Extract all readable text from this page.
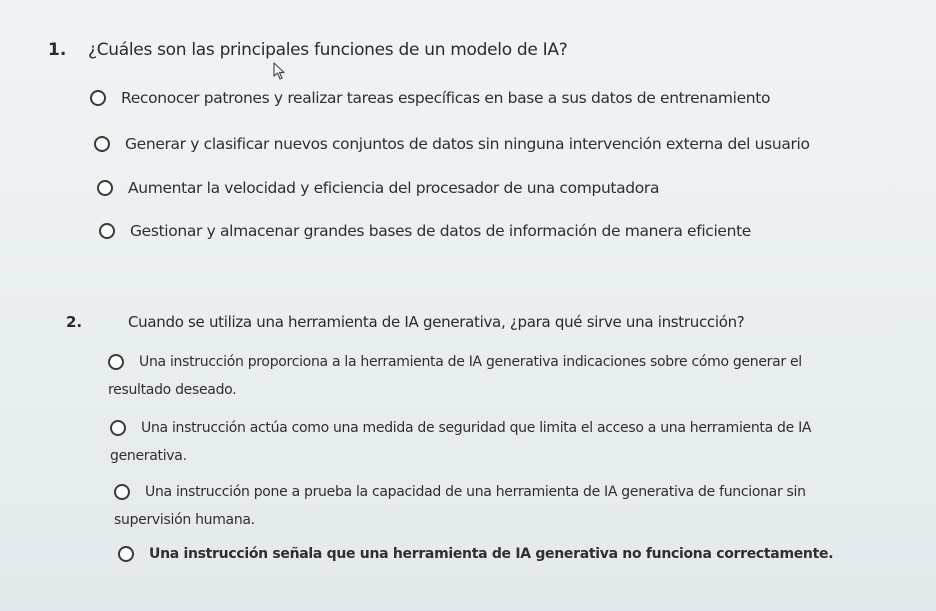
1.	¿Cuáles son las principales funciones de un modelo de IA?
Reconocer patrones y realizar tareas específicas en base a sus datos de entrenamiento
Generar y clasificar nuevos conjuntos de datos sin ninguna intervención externa del usuario
Aumentar la velocidad y eficiencia del procesador de una computadora
Gestionar y almacenar grandes bases de datos de información de manera eficiente
2.	Cuando se utiliza una herramienta de IA generativa, ¿para qué sirve una instrucción?
Una instrucción proporciona a la herramienta de IA generativa indicaciones sobre cómo generar el
resultado deseado.
Una instrucción actúa como una medida de seguridad que limita el acceso a una herramienta de IA
generativa.
Una instrucción pone a prueba la capacidad de una herramienta de IA generativa de funcionar sin
supervisión humana.
Una instrucción señala que una herramienta de IA generativa no funciona correctamente.
